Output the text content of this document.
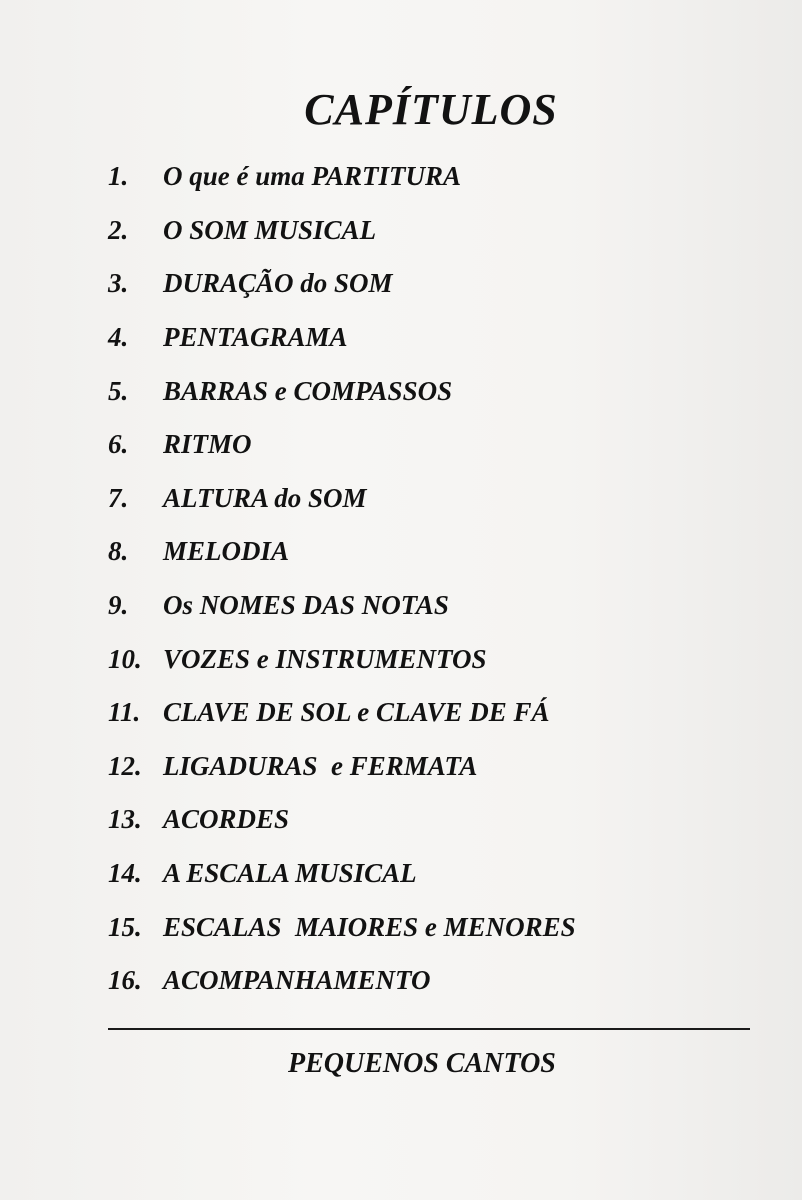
CAPÍTULOS
1.	O que é uma PARTITURA
2.	O SOM MUSICAL
3.	DURAÇÃO do SOM
4.	PENTAGRAMA
5.	BARRAS e COMPASSOS
6.	RITMO
7.	ALTURA do SOM
8.	MELODIA
9.	Os NOMES DAS NOTAS
10. VOZES e INSTRUMENTOS
11. CLAVE DE SOL e CLAVE DE FÁ
12. LIGADURAS  e FERMATA
13. ACORDES
14. A ESCALA MUSICAL
15. ESCALAS  MAIORES e MENORES
16. ACOMPANHAMENTO
PEQUENOS CANTOS
